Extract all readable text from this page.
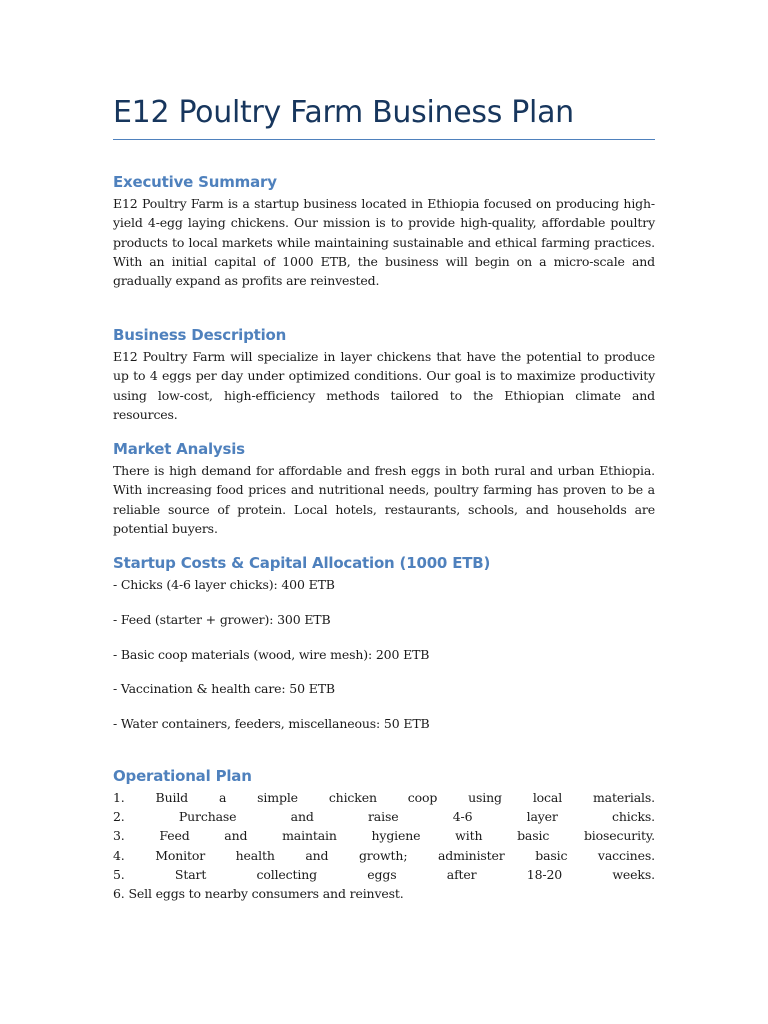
E12 Poultry Farm Business Plan
Executive Summary

E12 Poultry Farm is a startup business located in Ethiopia focused on producing high-yield 4-egg laying chickens. Our mission is to provide high-quality, affordable poultry products to local markets while maintaining sustainable and ethical farming practices. With an initial capital of 1000 ETB, the business will begin on a micro-scale and gradually expand as profits are reinvested.

Business Description

E12 Poultry Farm will specialize in layer chickens that have the potential to produce up to 4 eggs per day under optimized conditions. Our goal is to maximize productivity using low-cost, high-efficiency methods tailored to the Ethiopian climate and resources.

Market Analysis

There is high demand for affordable and fresh eggs in both rural and urban Ethiopia. With increasing food prices and nutritional needs, poultry farming has proven to be a reliable source of protein. Local hotels, restaurants, schools, and households are potential buyers.

Startup Costs & Capital Allocation (1000 ETB)
- Chicks (4-6 layer chicks): 400 ETB
- Feed (starter + grower): 300 ETB
- Basic coop materials (wood, wire mesh): 200 ETB
- Vaccination & health care: 50 ETB
- Water containers, feeders, miscellaneous: 50 ETB
Operational Plan
1. Build a simple chicken coop using local materials.
2.	Purchase	and	raise	4-6	layer	chicks.
3.	Feed	and	maintain	hygiene	with	basic	biosecurity.
4. Monitor health and growth; administer basic vaccines.
5.	Start	collecting	eggs	after	18-20	weeks.
6. Sell eggs to nearby consumers and reinvest.
